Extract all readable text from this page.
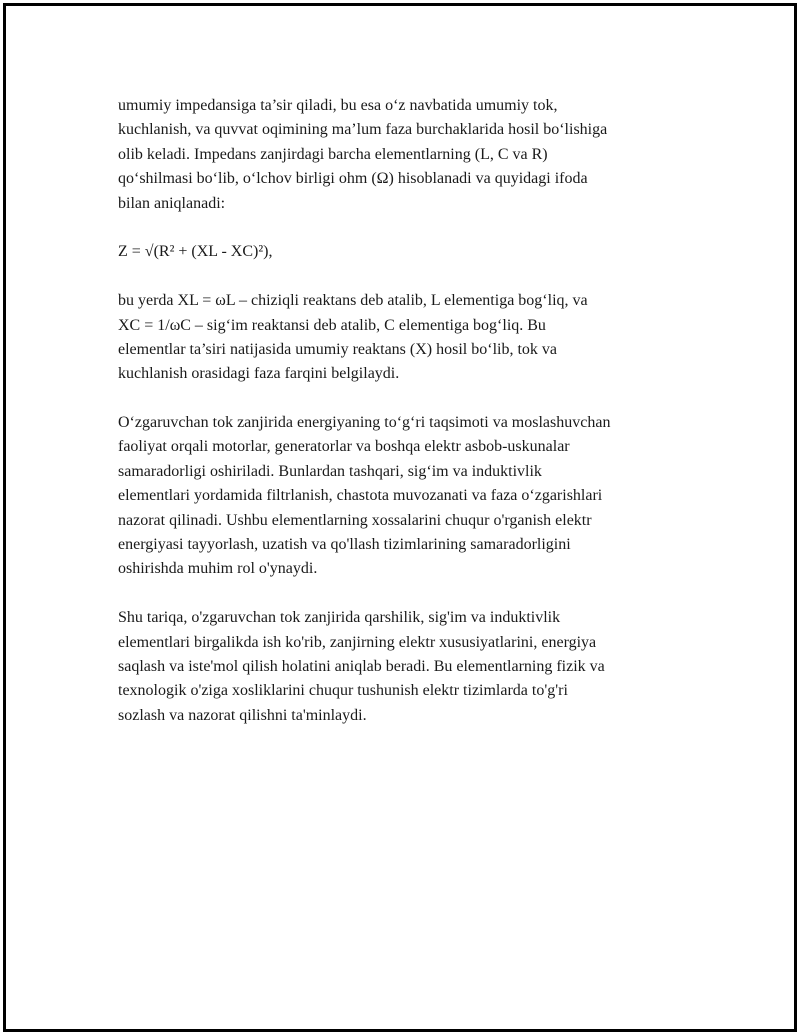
umumiy impedansiga ta’sir qiladi, bu esa o‘z navbatida umumiy tok,
kuchlanish, va quvvat oqimining ma’lum faza burchaklarida hosil bo‘lishiga
olib keladi. Impedans zanjirdagi barcha elementlarning (L, C va R)
qo‘shilmasi bo‘lib, o‘lchov birligi ohm (Ω) hisoblanadi va quyidagi ifoda
bilan aniqlanadi:
Z = √(R² + (XL - XC)²),
bu yerda XL = ωL – chiziqli reaktans deb atalib, L elementiga bog‘liq, va
XC = 1/ωC – sig‘im reaktansi deb atalib, C elementiga bog‘liq. Bu
elementlar ta’siri natijasida umumiy reaktans (X) hosil bo‘lib, tok va
kuchlanish orasidagi faza farqini belgilaydi.
O‘zgaruvchan tok zanjirida energiyaning to‘g‘ri taqsimoti va moslashuvchan
faoliyat orqali motorlar, generatorlar va boshqa elektr asbob-uskunalar
samaradorligi oshiriladi. Bunlardan tashqari, sig‘im va induktivlik
elementlari yordamida filtrlanish, chastota muvozanati va faza o‘zgarishlari
nazorat qilinadi. Ushbu elementlarning xossalarini chuqur o'rganish elektr
energiyasi tayyorlash, uzatish va qo'llash tizimlarining samaradorligini
oshirishda muhim rol o'ynaydi.
Shu tariqa, o'zgaruvchan tok zanjirida qarshilik, sig'im va induktivlik
elementlari birgalikda ish ko'rib, zanjirning elektr xususiyatlarini, energiya
saqlash va iste'mol qilish holatini aniqlab beradi. Bu elementlarning fizik va
texnologik o'ziga xosliklarini chuqur tushunish elektr tizimlarda to'g'ri
sozlash va nazorat qilishni ta'minlaydi.
